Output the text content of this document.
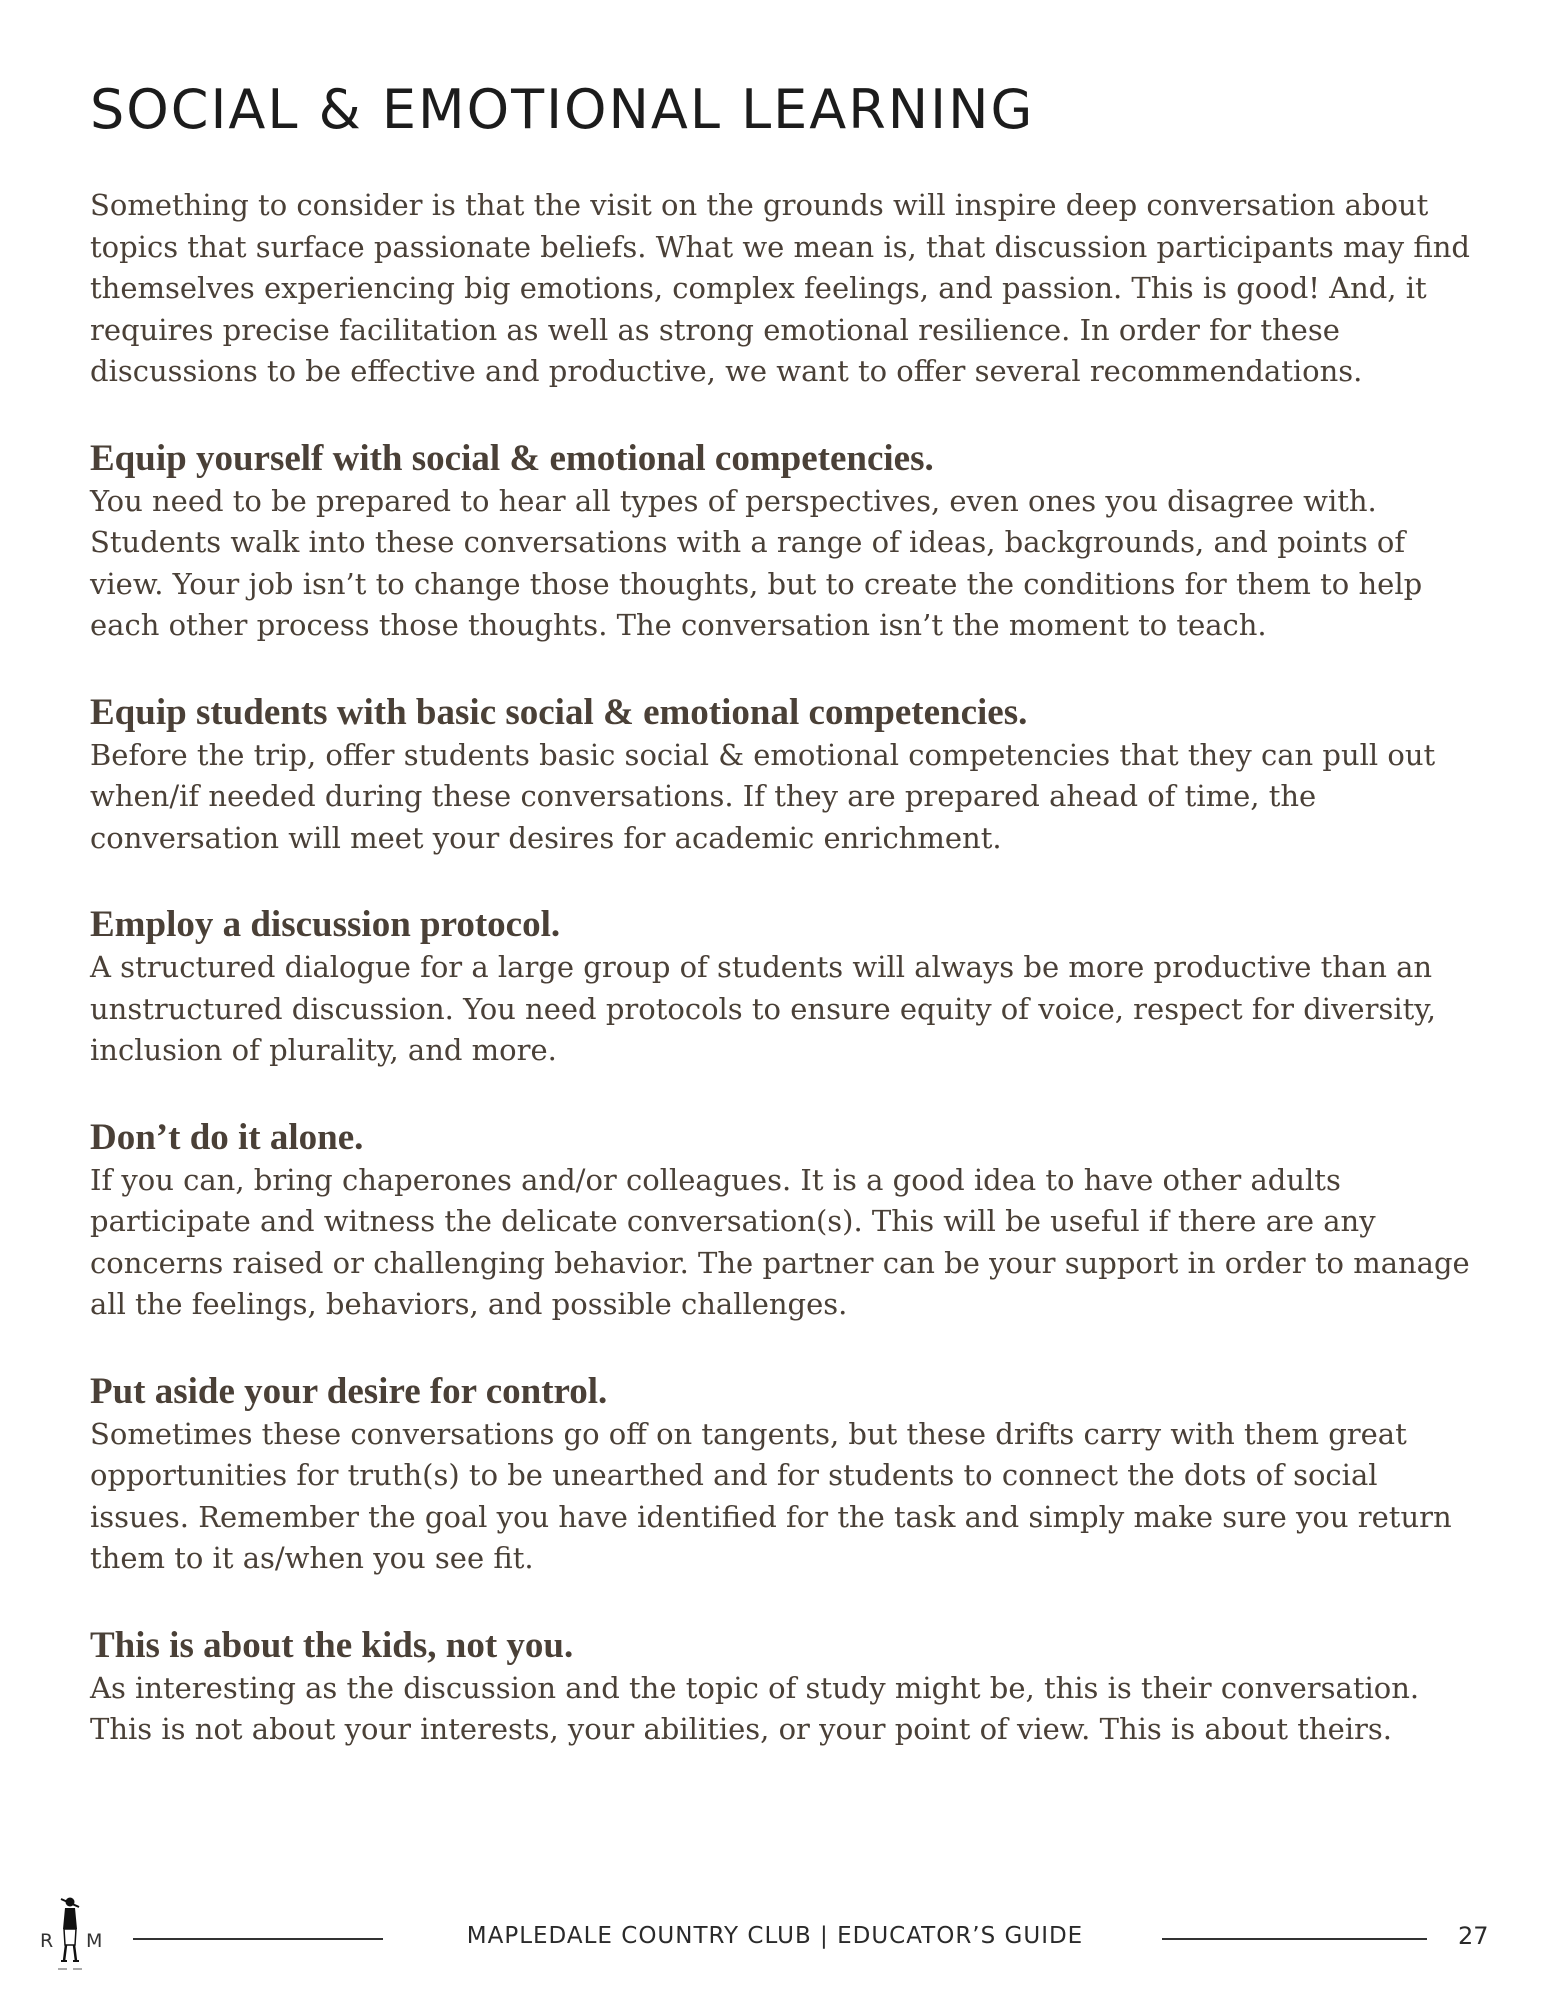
SOCIAL & EMOTIONAL LEARNING

Something to consider is that the visit on the grounds will inspire deep conversation about topics that surface passionate beliefs. What we mean is, that discussion participants may find themselves experiencing big emotions, complex feelings, and passion. This is good! And, it requires precise facilitation as well as strong emotional resilience. In order for these discussions to be effective and productive, we want to offer several recommendations.

Equip yourself with social & emotional competencies.

You need to be prepared to hear all types of perspectives, even ones you disagree with. Students walk into these conversations with a range of ideas, backgrounds, and points of view. Your job isn’t to change those thoughts, but to create the conditions for them to help each other process those thoughts. The conversation isn’t the moment to teach.

Equip students with basic social & emotional competencies.

Before the trip, offer students basic social & emotional competencies that they can pull out when/if needed during these conversations. If they are prepared ahead of time, the conversation will meet your desires for academic enrichment.

Employ a discussion protocol.

A structured dialogue for a large group of students will always be more productive than an unstructured discussion. You need protocols to ensure equity of voice, respect for diversity, inclusion of plurality, and more.

Don’t do it alone.

If you can, bring chaperones and/or colleagues. It is a good idea to have other adults participate and witness the delicate conversation(s). This will be useful if there are any concerns raised or challenging behavior. The partner can be your support in order to manage all the feelings, behaviors, and possible challenges.

Put aside your desire for control.

Sometimes these conversations go off on tangents, but these drifts carry with them great opportunities for truth(s) to be unearthed and for students to connect the dots of social issues. Remember the goal you have identified for the task and simply make sure you return them to it as/when you see fit.

This is about the kids, not you.

As interesting as the discussion and the topic of study might be, this is their conversation. This is not about your interests, your abilities, or your point of view. This is about theirs.

R M	MAPLEDALE COUNTRY CLUB | EDUCATOR’S GUIDE	27
